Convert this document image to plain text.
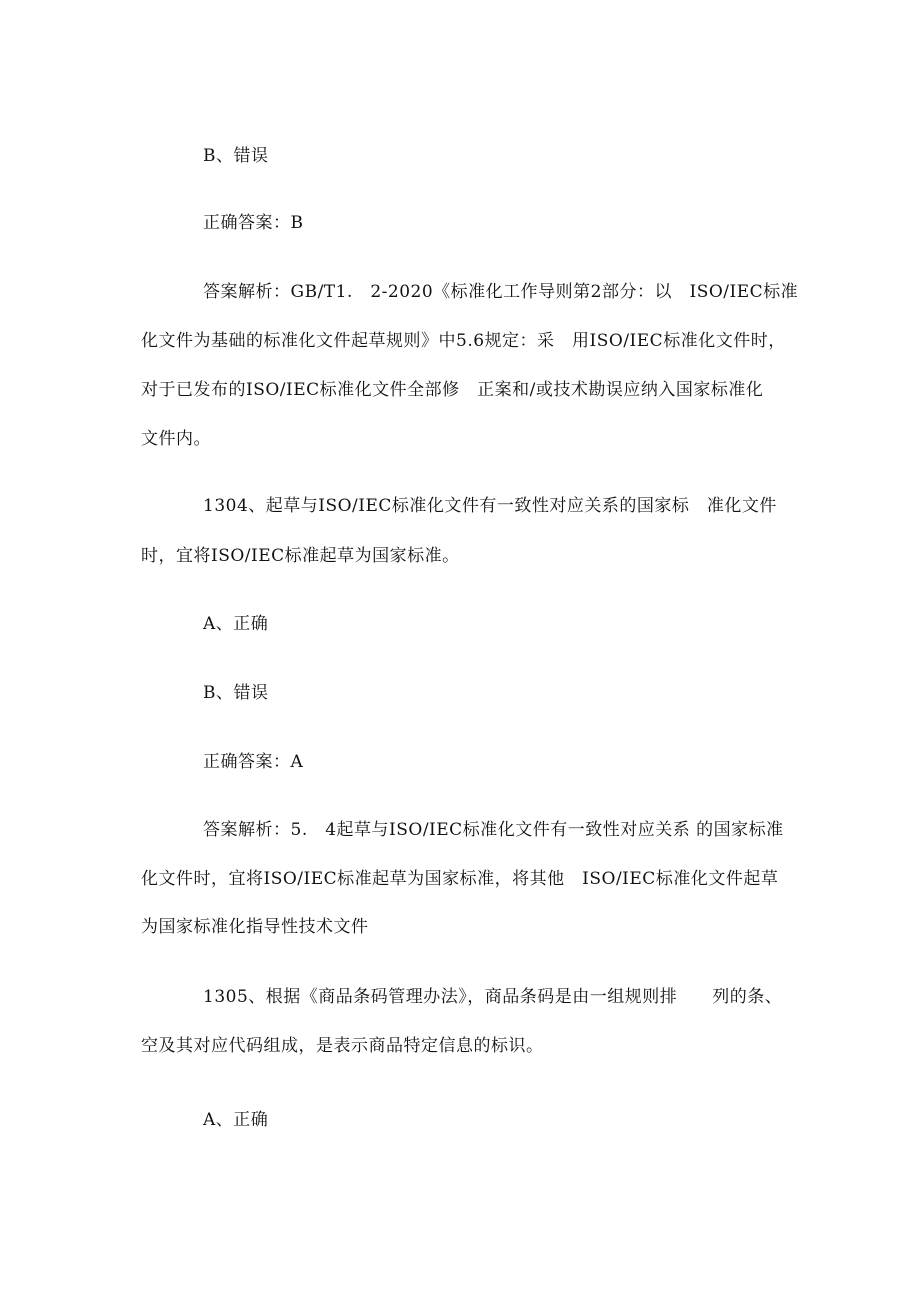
B、错误
正确答案：B
答案解析：GB/T1.　2-2020《标准化工作导则第2部分：以　ISO/IEC标准
化文件为基础的标准化文件起草规则》中5.6规定：采　用ISO/IEC标准化文件时，
对于已发布的ISO/IEC标准化文件全部修　正案和/或技术勘误应纳入国家标准化
文件内。
1304、起草与ISO/IEC标准化文件有一致性对应关系的国家标　准化文件
时，宜将ISO/IEC标准起草为国家标准。
A、正确
B、错误
正确答案：A
答案解析：5.　4起草与ISO/IEC标准化文件有一致性对应关系 的国家标准
化文件时，宜将ISO/IEC标准起草为国家标准，将其他　ISO/IEC标准化文件起草
为国家标准化指导性技术文件
1305、根据《商品条码管理办法》，商品条码是由一组规则排　　列的条、
空及其对应代码组成，是表示商品特定信息的标识。
A、正确
